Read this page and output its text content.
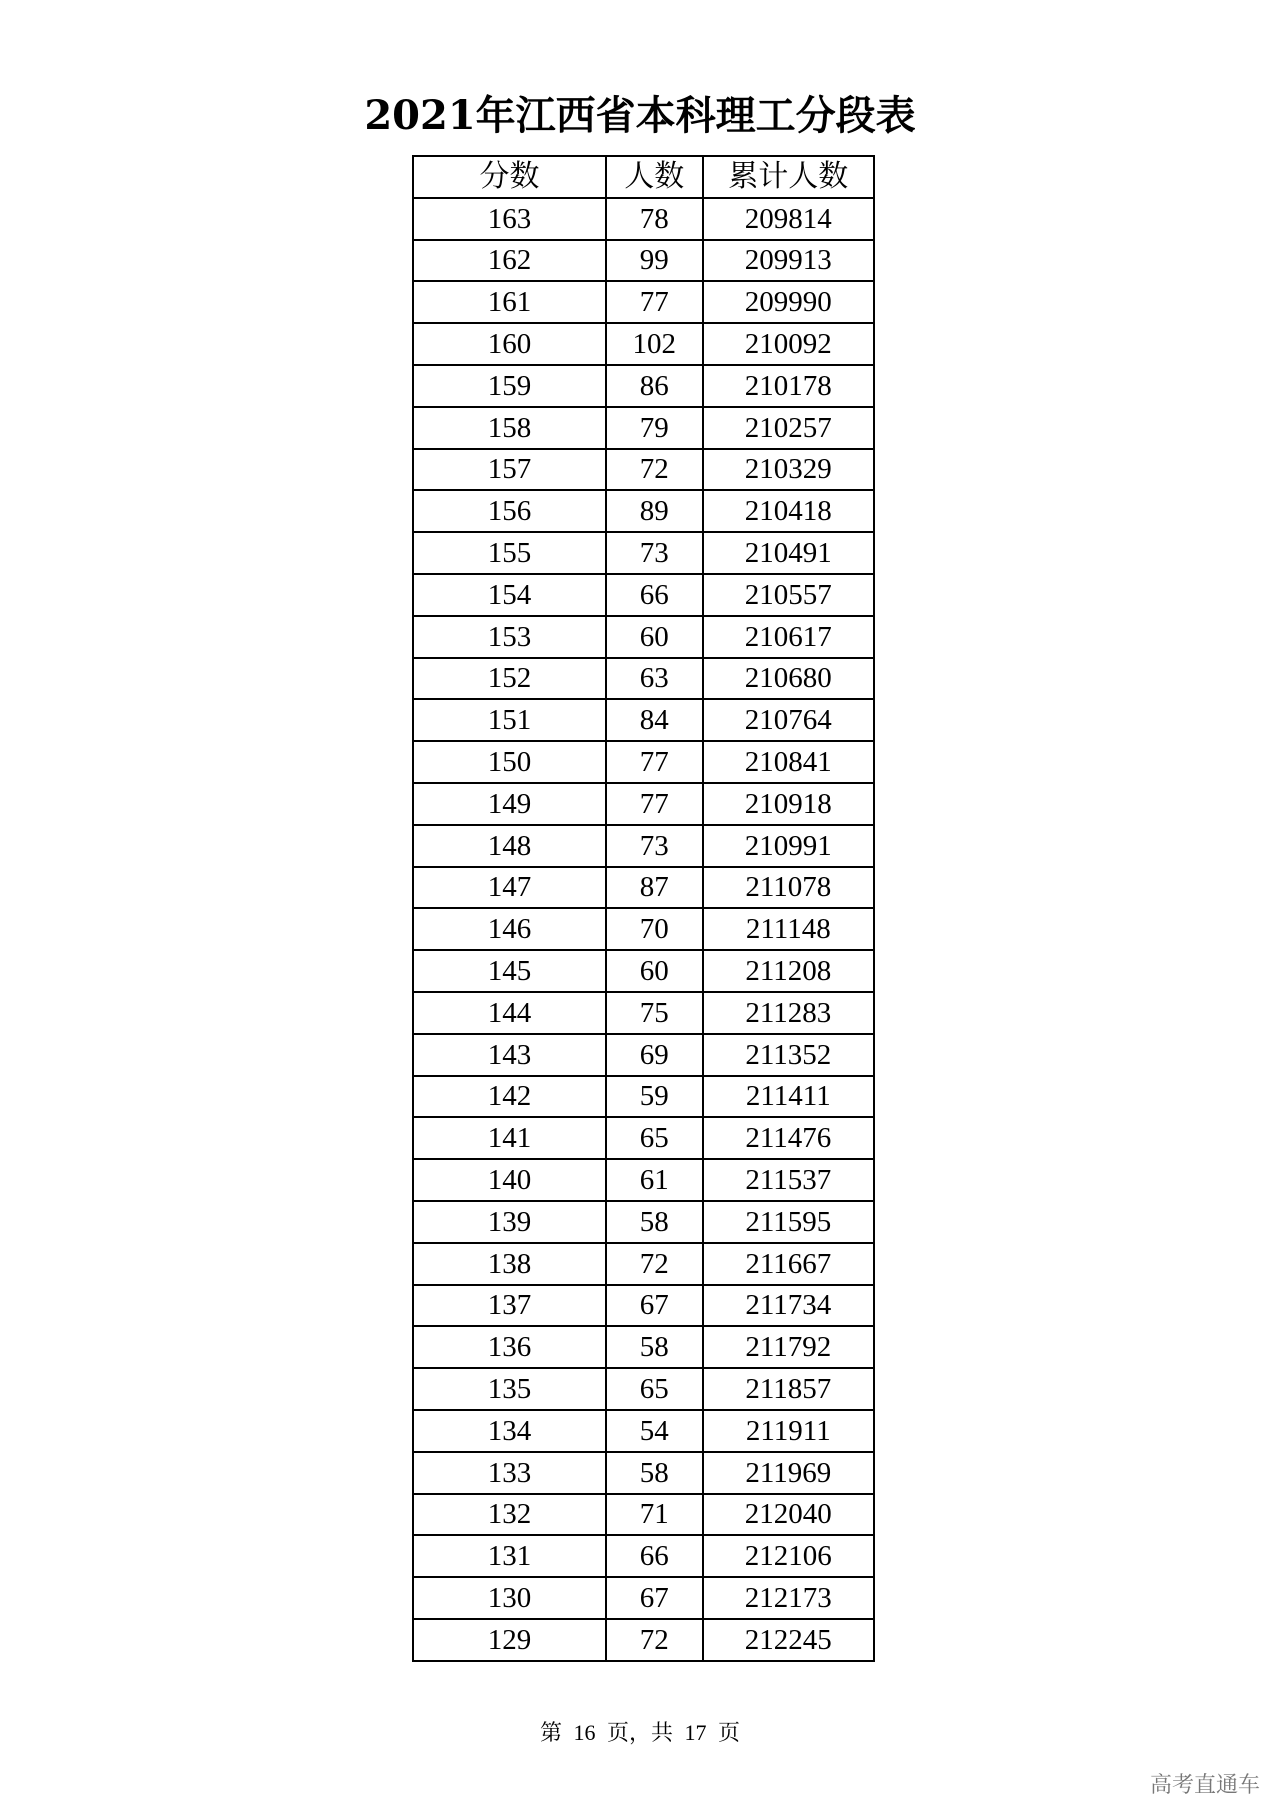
2021年江西省本科理工分段表
分数	人数	累计人数
163	78	209814
162	99	209913
161	77	209990
160	102	210092
159	86	210178
158	79	210257
157	72	210329
156	89	210418
155	73	210491
154	66	210557
153	60	210617
152	63	210680
151	84	210764
150	77	210841
149	77	210918
148	73	210991
147	87	211078
146	70	211148
145	60	211208
144	75	211283
143	69	211352
142	59	211411
141	65	211476
140	61	211537
139	58	211595
138	72	211667
137	67	211734
136	58	211792
135	65	211857
134	54	211911
133	58	211969
132	71	212040
131	66	212106
130	67	212173
129	72	212245
第 16 页，共 17 页
高考直通车
